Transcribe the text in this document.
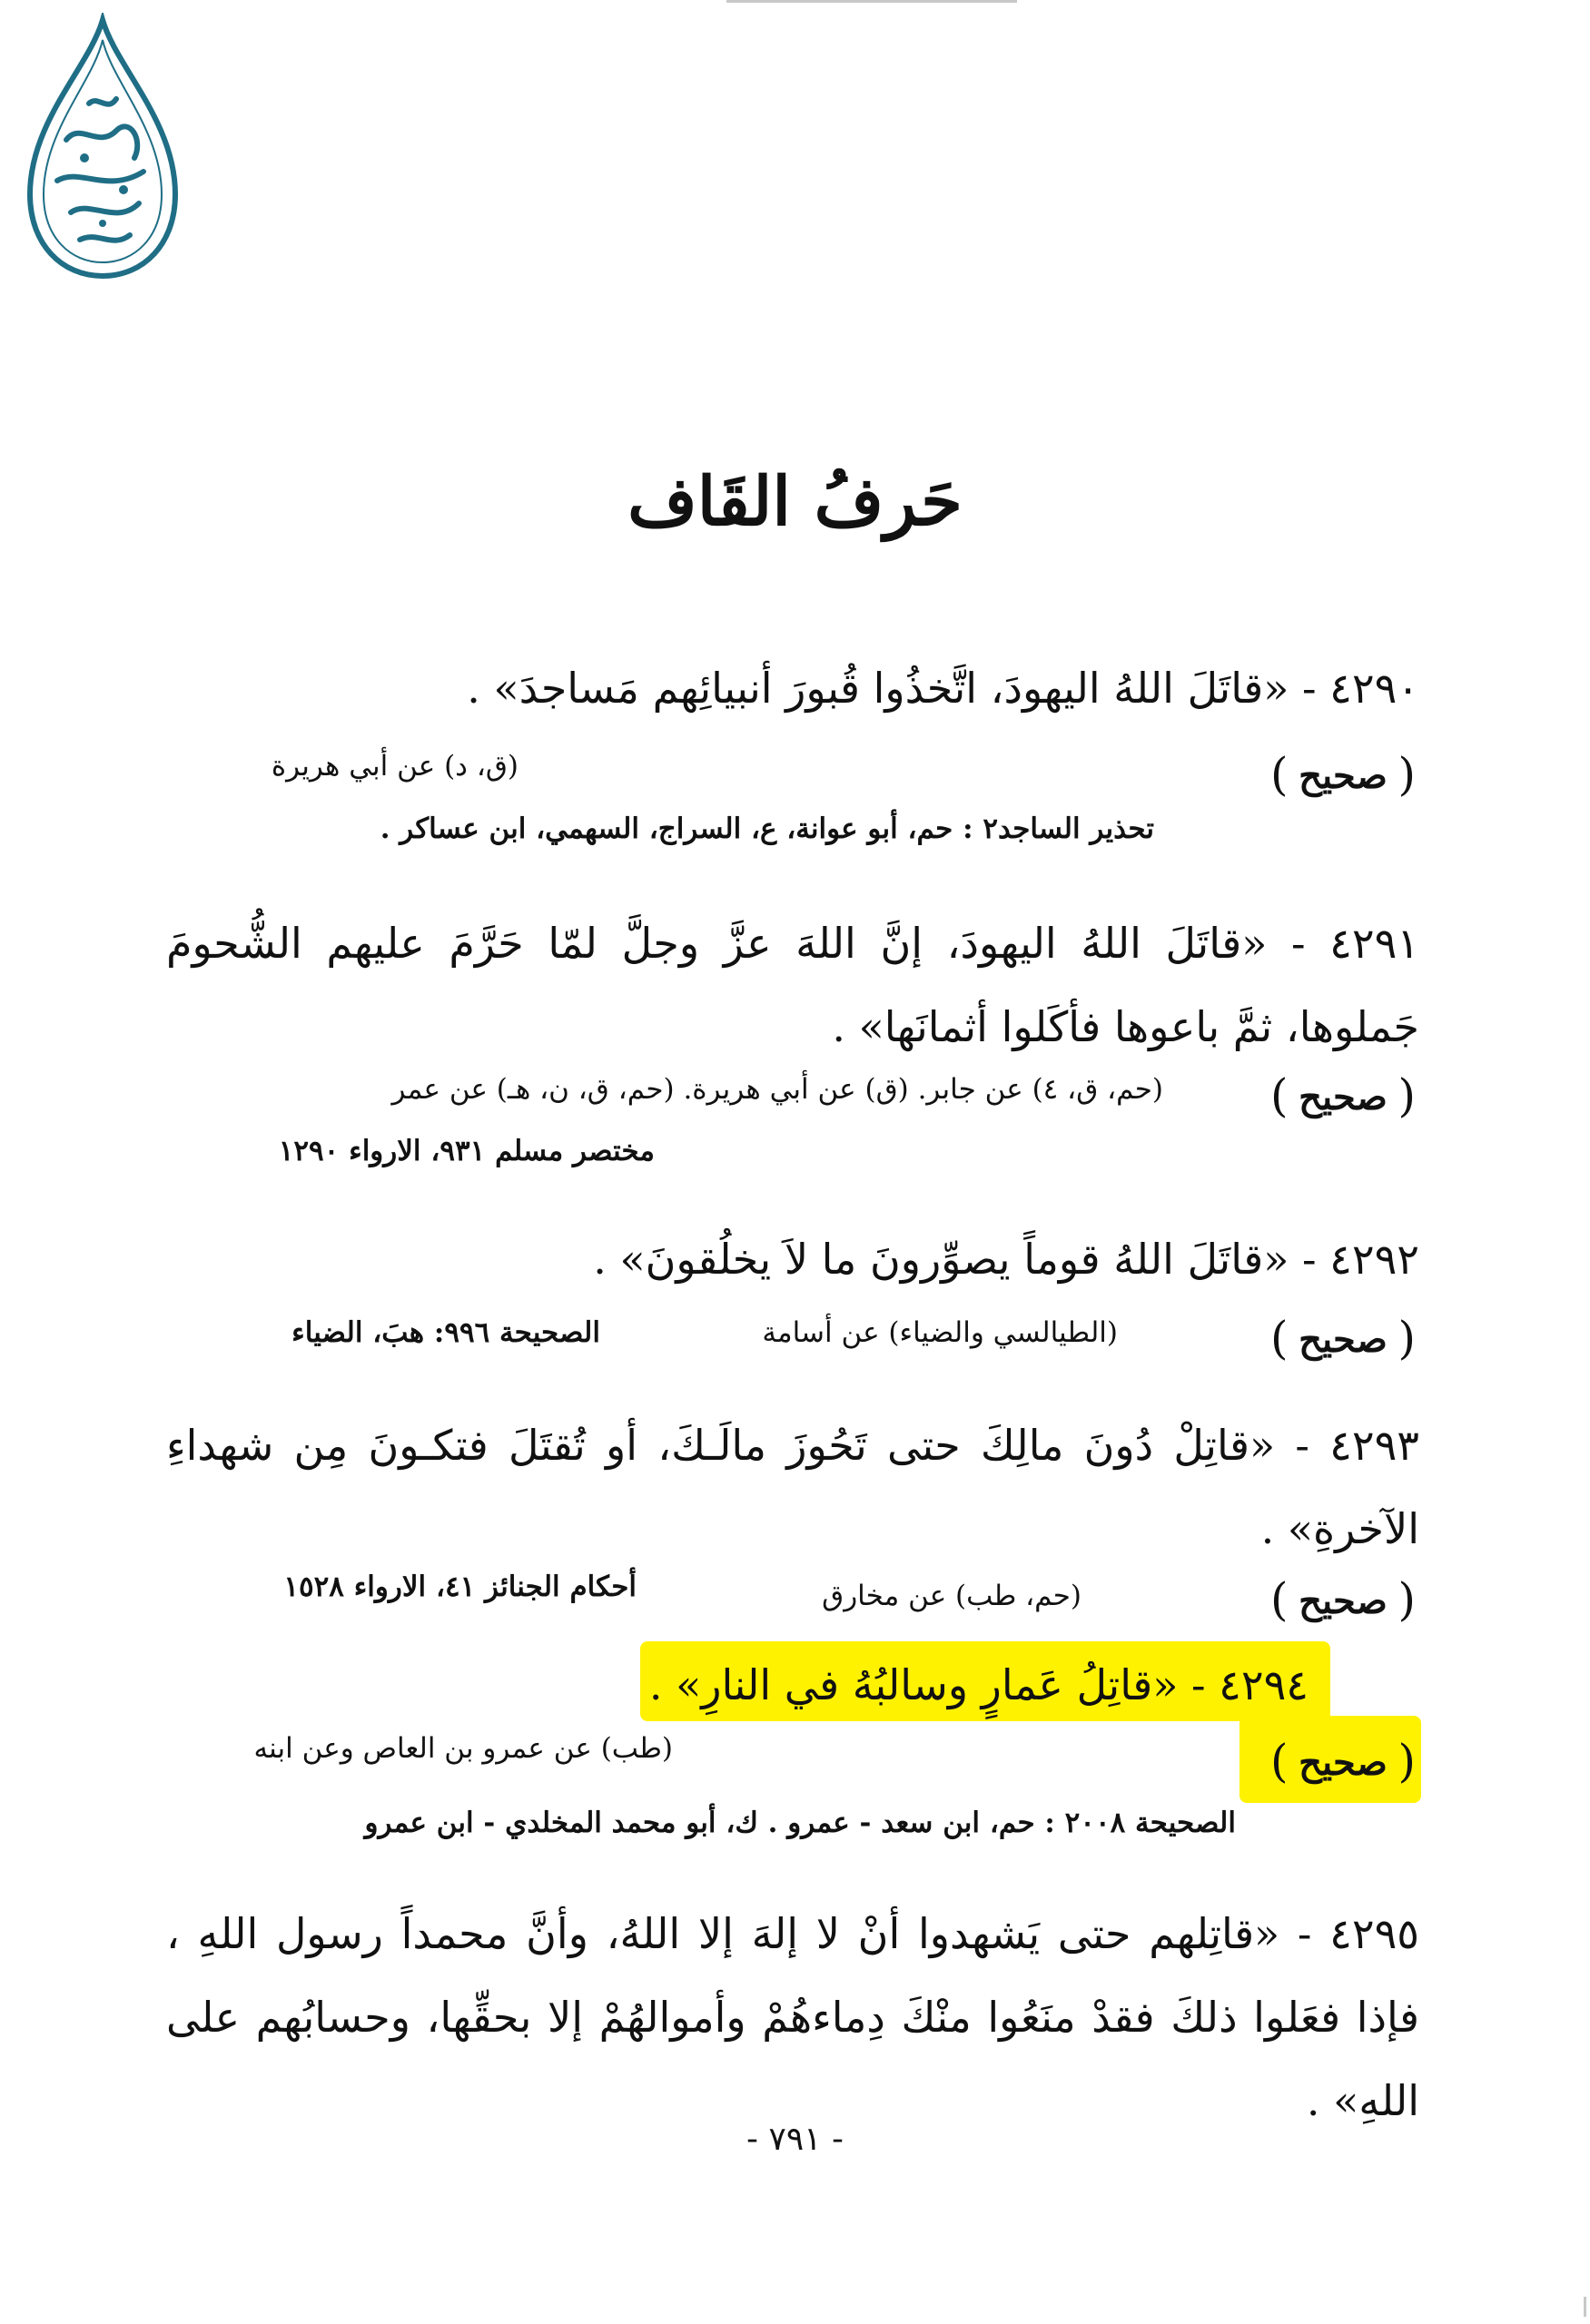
حَرفُ القَاف
٤٢٩٠ - «قاتَلَ اللهُ اليهودَ، اتَّخذُوا قُبورَ أنبيائِهم مَساجدَ» .
( صحيح )
(ق، د) عن أبي هريرة
تحذير الساجد٢ : حم، أبو عوانة، ع، السراج، السهمي، ابن عساكر .
٤٢٩١ - «قاتَلَ اللهُ اليهودَ، إنَّ اللهَ عزَّ وجلَّ لمّا حَرَّمَ عليهم الشُّحومَ جَملوها، ثمَّ باعوها فأكَلوا أثمانَها» .
( صحيح )
(حم، ق، ٤) عن جابر. (ق) عن أبي هريرة. (حم، ق، ن، هـ) عن عمر
مختصر مسلم ٩٣١، الارواء ١٢٩٠
٤٢٩٢ - «قاتَلَ اللهُ قوماً يصوِّرونَ ما لاَ يخلُقونَ» .
( صحيح )
(الطيالسي والضياء) عن أسامة
الصحيحة ٩٩٦: هبَ، الضياء
٤٢٩٣ - «قاتِلْ دُونَ مالِكَ حتى تَحُوزَ مالَـكَ، أو تُقتَلَ فتكـونَ مِن شهداءِ الآخرةِ» .
( صحيح )
(حم، طب) عن مخارق
أحكام الجنائز ٤١، الارواء ١٥٢٨
٤٢٩٤ - «قاتِلُ عَمارٍ وسالبُهُ في النارِ» .
( صحيح )
(طب) عن عمرو بن العاص وعن ابنه
الصحيحة ٢٠٠٨ : حم، ابن سعد - عمرو . ك، أبو محمد المخلدي - ابن عمرو
٤٢٩٥ - «قاتِلهم حتى يَشهدوا أنْ لا إلهَ إلا اللهُ، وأنَّ محمداً رسول اللهِ ، فإذا فعَلوا ذلكَ فقدْ منَعُوا منْكَ دِماءهُمْ وأموالهُمْ إلا بحقِّها، وحسابُهم على اللهِ» .
- ٧٩١ -
